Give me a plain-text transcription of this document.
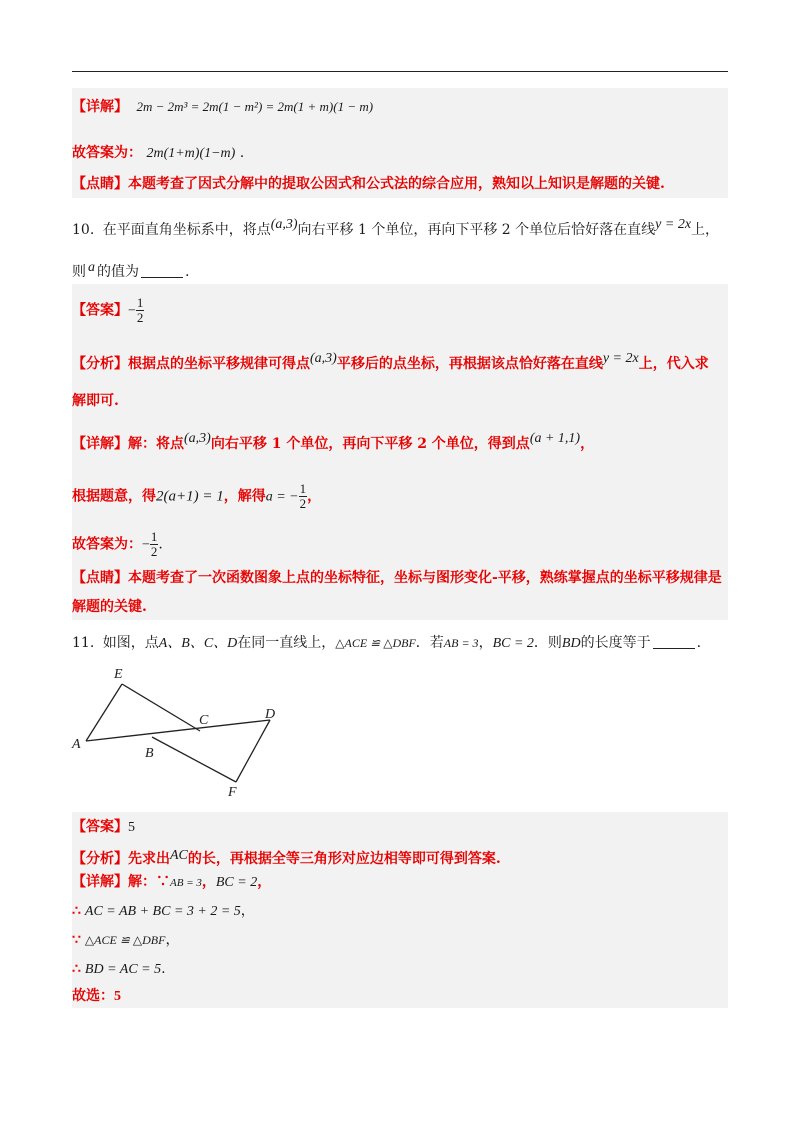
【详解】 2m − 2m³ = 2m(1 − m²) = 2m(1 + m)(1 − m)
故答案为： 2m(1+m)(1−m) .
【点睛】本题考查了因式分解中的提取公因式和公式法的综合应用，熟知以上知识是解题的关键.
10. 在平面直角坐标系中，将点(a,3)向右平移 1 个单位，再向下平移 2 个单位后恰好落在直线y = 2x上，
则 a 的值为	.
【答案】− $\frac{1}{2}$
【分析】根据点的坐标平移规律可得点(a,3)平移后的点坐标，再根据该点恰好落在直线y = 2x上，代入求
解即可.
【详解】解：将点(a,3)向右平移 1 个单位，再向下平移 2 个单位，得到点(a + 1,1)，
根据题意，得2(a+1) = 1，解得a = − $\frac{1}{2}$ ，
故答案为：− $\frac{1}{2}$ .
【点睛】本题考查了一次函数图象上点的坐标特征，坐标与图形变化-平移，熟练掌握点的坐标平移规律是
解题的关键.
11. 如图，点A、B、C、D在同一直线上，△ACE ≌ △DBF．若AB = 3，BC = 2．则BD的长度等于	.
A
B
C	D
E
F
【答案】5
【分析】先求出AC的长，再根据全等三角形对应边相等即可得到答案.
【详解】解：∵AB = 3，BC = 2，
∴ AC = AB + BC = 3 + 2 = 5，
∵ △ACE ≌ △DBF，
∴ BD = AC = 5.
故选：5
